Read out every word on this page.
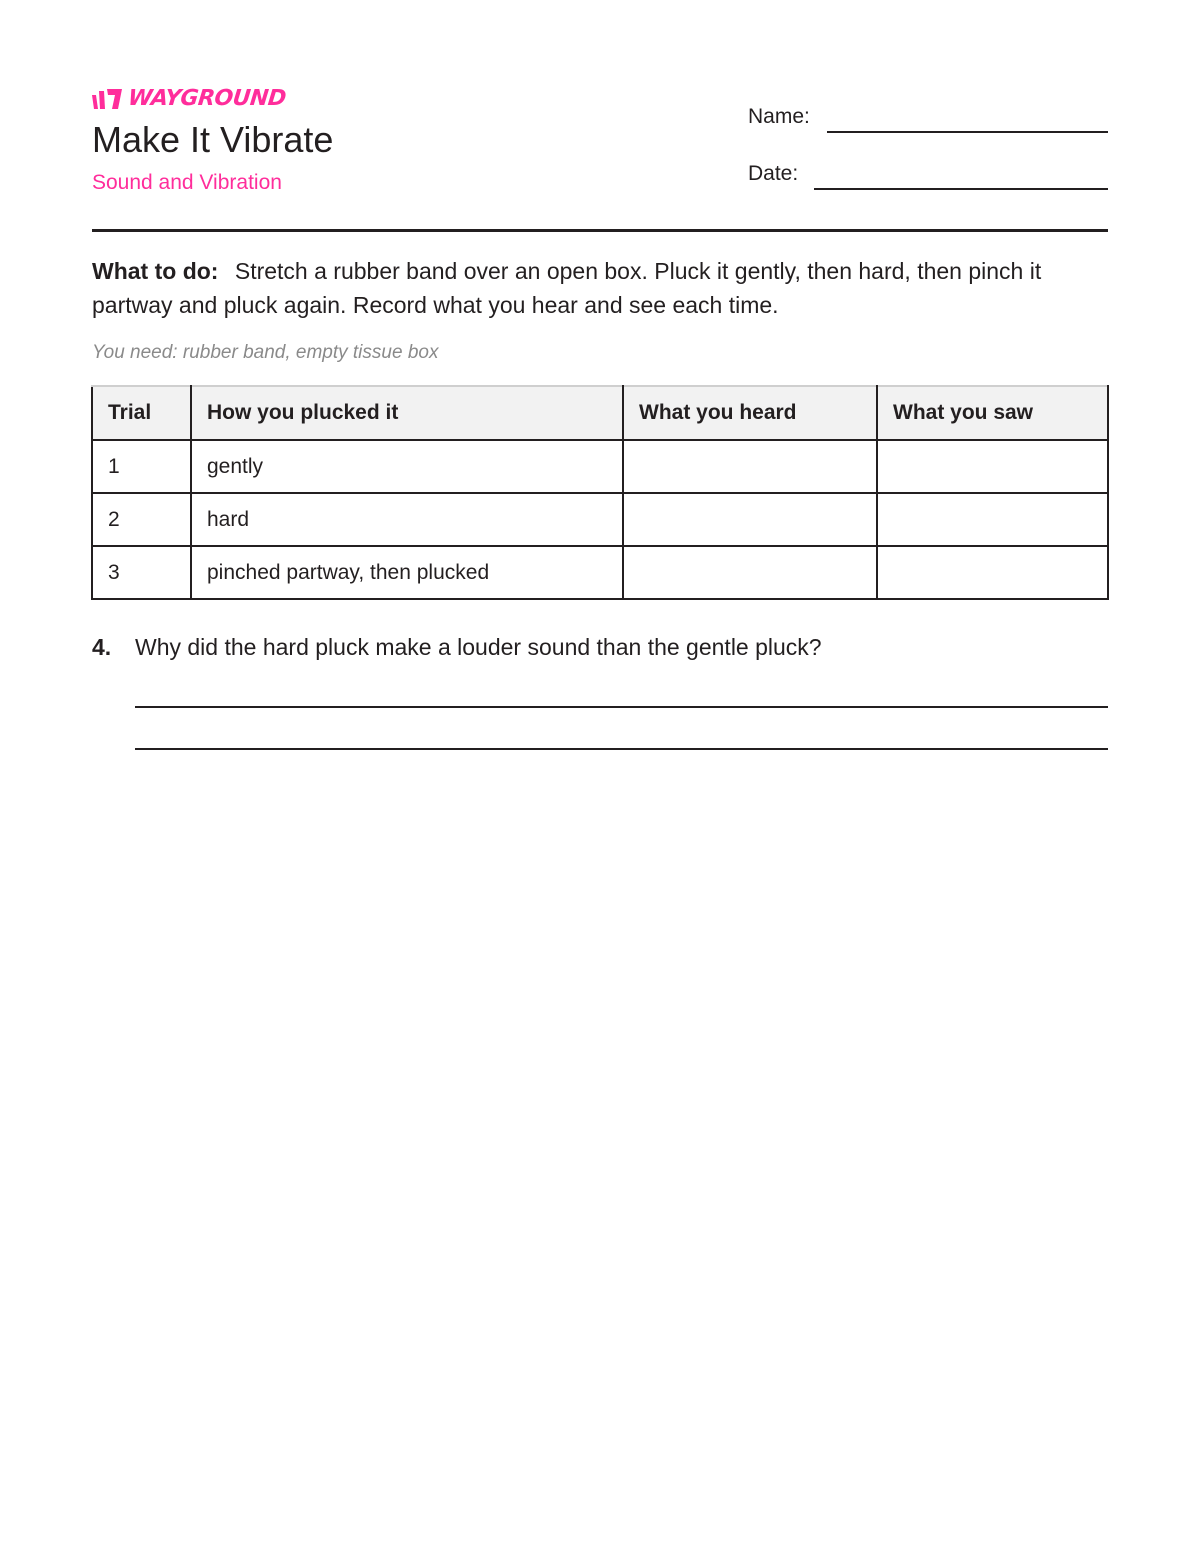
WAYGROUND
Make It Vibrate
Sound and Vibration
Name:
Date:
What to do: Stretch a rubber band over an open box. Pluck it gently, then hard, then pinch it partway and pluck again. Record what you hear and see each time.
You need: rubber band, empty tissue box
Trial	How you plucked it	What you heard	What you saw
1	gently		
2	hard		
3	pinched partway, then plucked		
4. Why did the hard pluck make a louder sound than the gentle pluck?
